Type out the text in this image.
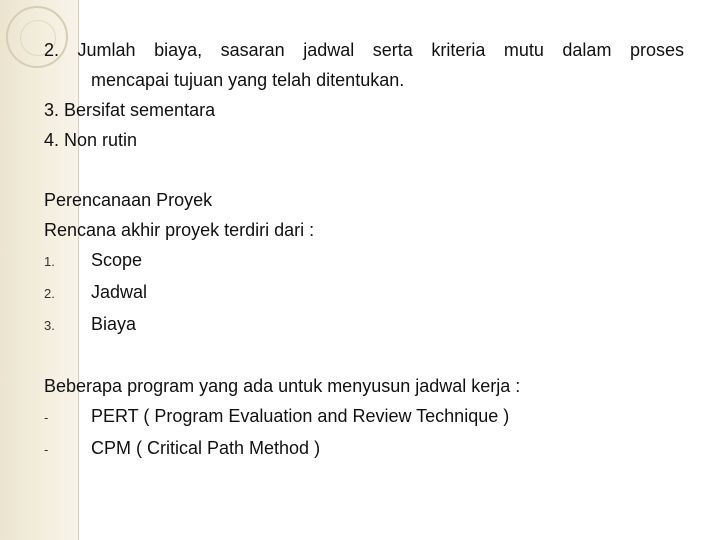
2. Jumlah biaya, sasaran jadwal serta kriteria mutu dalam proses

mencapai tujuan yang telah ditentukan.

3. Bersifat sementara

4. Non rutin

Perencanaan Proyek

Rencana akhir proyek terdiri dari :

1.	Scope
2.	Jadwal
3.	Biaya

Beberapa program yang ada untuk menyusun jadwal kerja :

-	PERT ( Program Evaluation and Review Technique )
-	CPM ( Critical Path Method )
